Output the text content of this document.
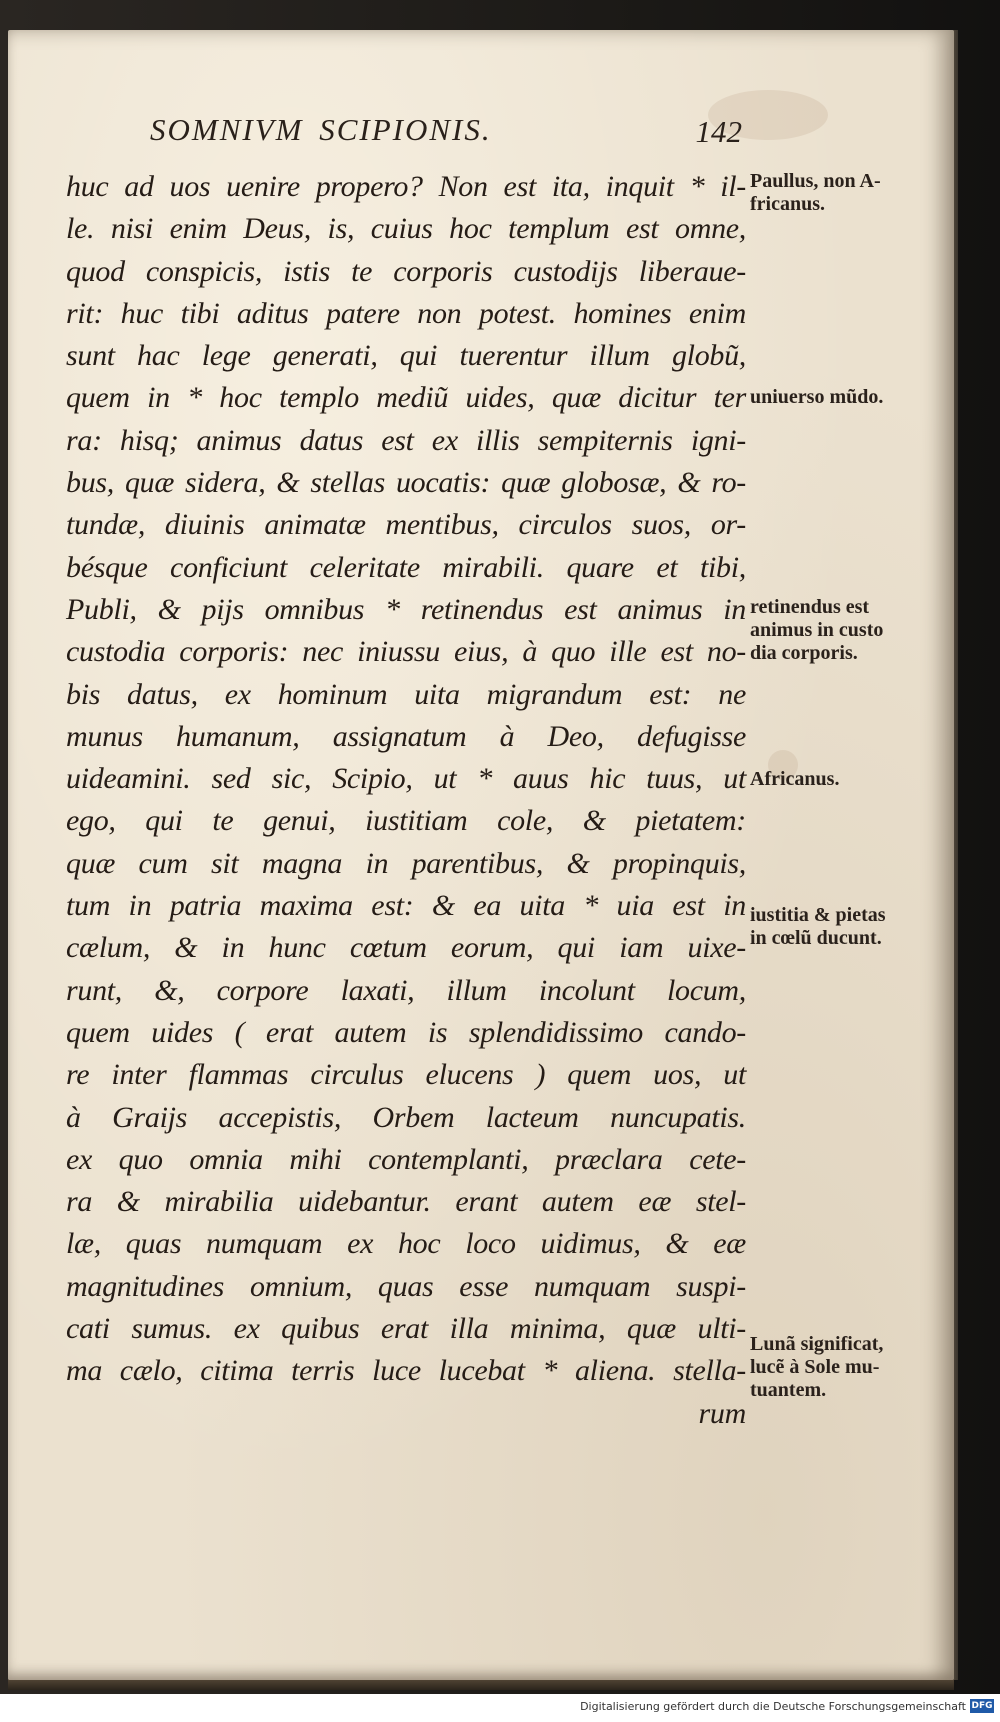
SOMNIVM SCIPIONIS.	142
huc ad uos uenire propero? Non est ita, inquit * il-
le. nisi enim Deus, is, cuius hoc templum est omne,
quod conspicis, istis te corporis custodijs liberaue-
rit: huc tibi aditus patere non potest. homines enim
sunt hac lege generati, qui tuerentur illum globũ,
quem in * hoc templo mediũ uides, quæ dicitur ter
ra: hisq; animus datus est ex illis sempiternis igni-
bus, quæ sidera, & stellas uocatis: quæ globosæ, & ro-
tundæ, diuinis animatæ mentibus, circulos suos, or-
bésque conficiunt celeritate mirabili. quare et tibi,
Publi, & pijs omnibus * retinendus est animus in
custodia corporis: nec iniussu eius, à quo ille est no-
bis datus, ex hominum uita migrandum est: ne
munus humanum, assignatum à Deo, defugisse
uideamini. sed sic, Scipio, ut * auus hic tuus, ut
ego, qui te genui, iustitiam cole, & pietatem:
quæ cum sit magna in parentibus, & propinquis,
tum in patria maxima est: & ea uita * uia est in
cælum, & in hunc cœtum eorum, qui iam uixe-
runt, &, corpore laxati, illum incolunt locum,
quem uides ( erat autem is splendidissimo cando-
re inter flammas circulus elucens ) quem uos, ut
à Graijs accepistis, Orbem lacteum nuncupatis.
ex quo omnia mihi contemplanti, præclara cete-
ra & mirabilia uidebantur. erant autem eæ stel-
læ, quas numquam ex hoc loco uidimus, & eæ
magnitudines omnium, quas esse numquam suspi-
cati sumus. ex quibus erat illa minima, quæ ulti-
ma cælo, citima terris luce lucebat * aliena. stella-
rum
Paullus, non A-
fricanus.
uniuerso mũdo.
retinendus est
animus in custo
dia corporis.
Africanus.
iustitia & pietas
in cœlũ ducunt.
Lunã significat,
lucẽ à Sole mu-
tuantem.
Digitalisierung gefördert durch die Deutsche Forschungsgemeinschaft DFG
